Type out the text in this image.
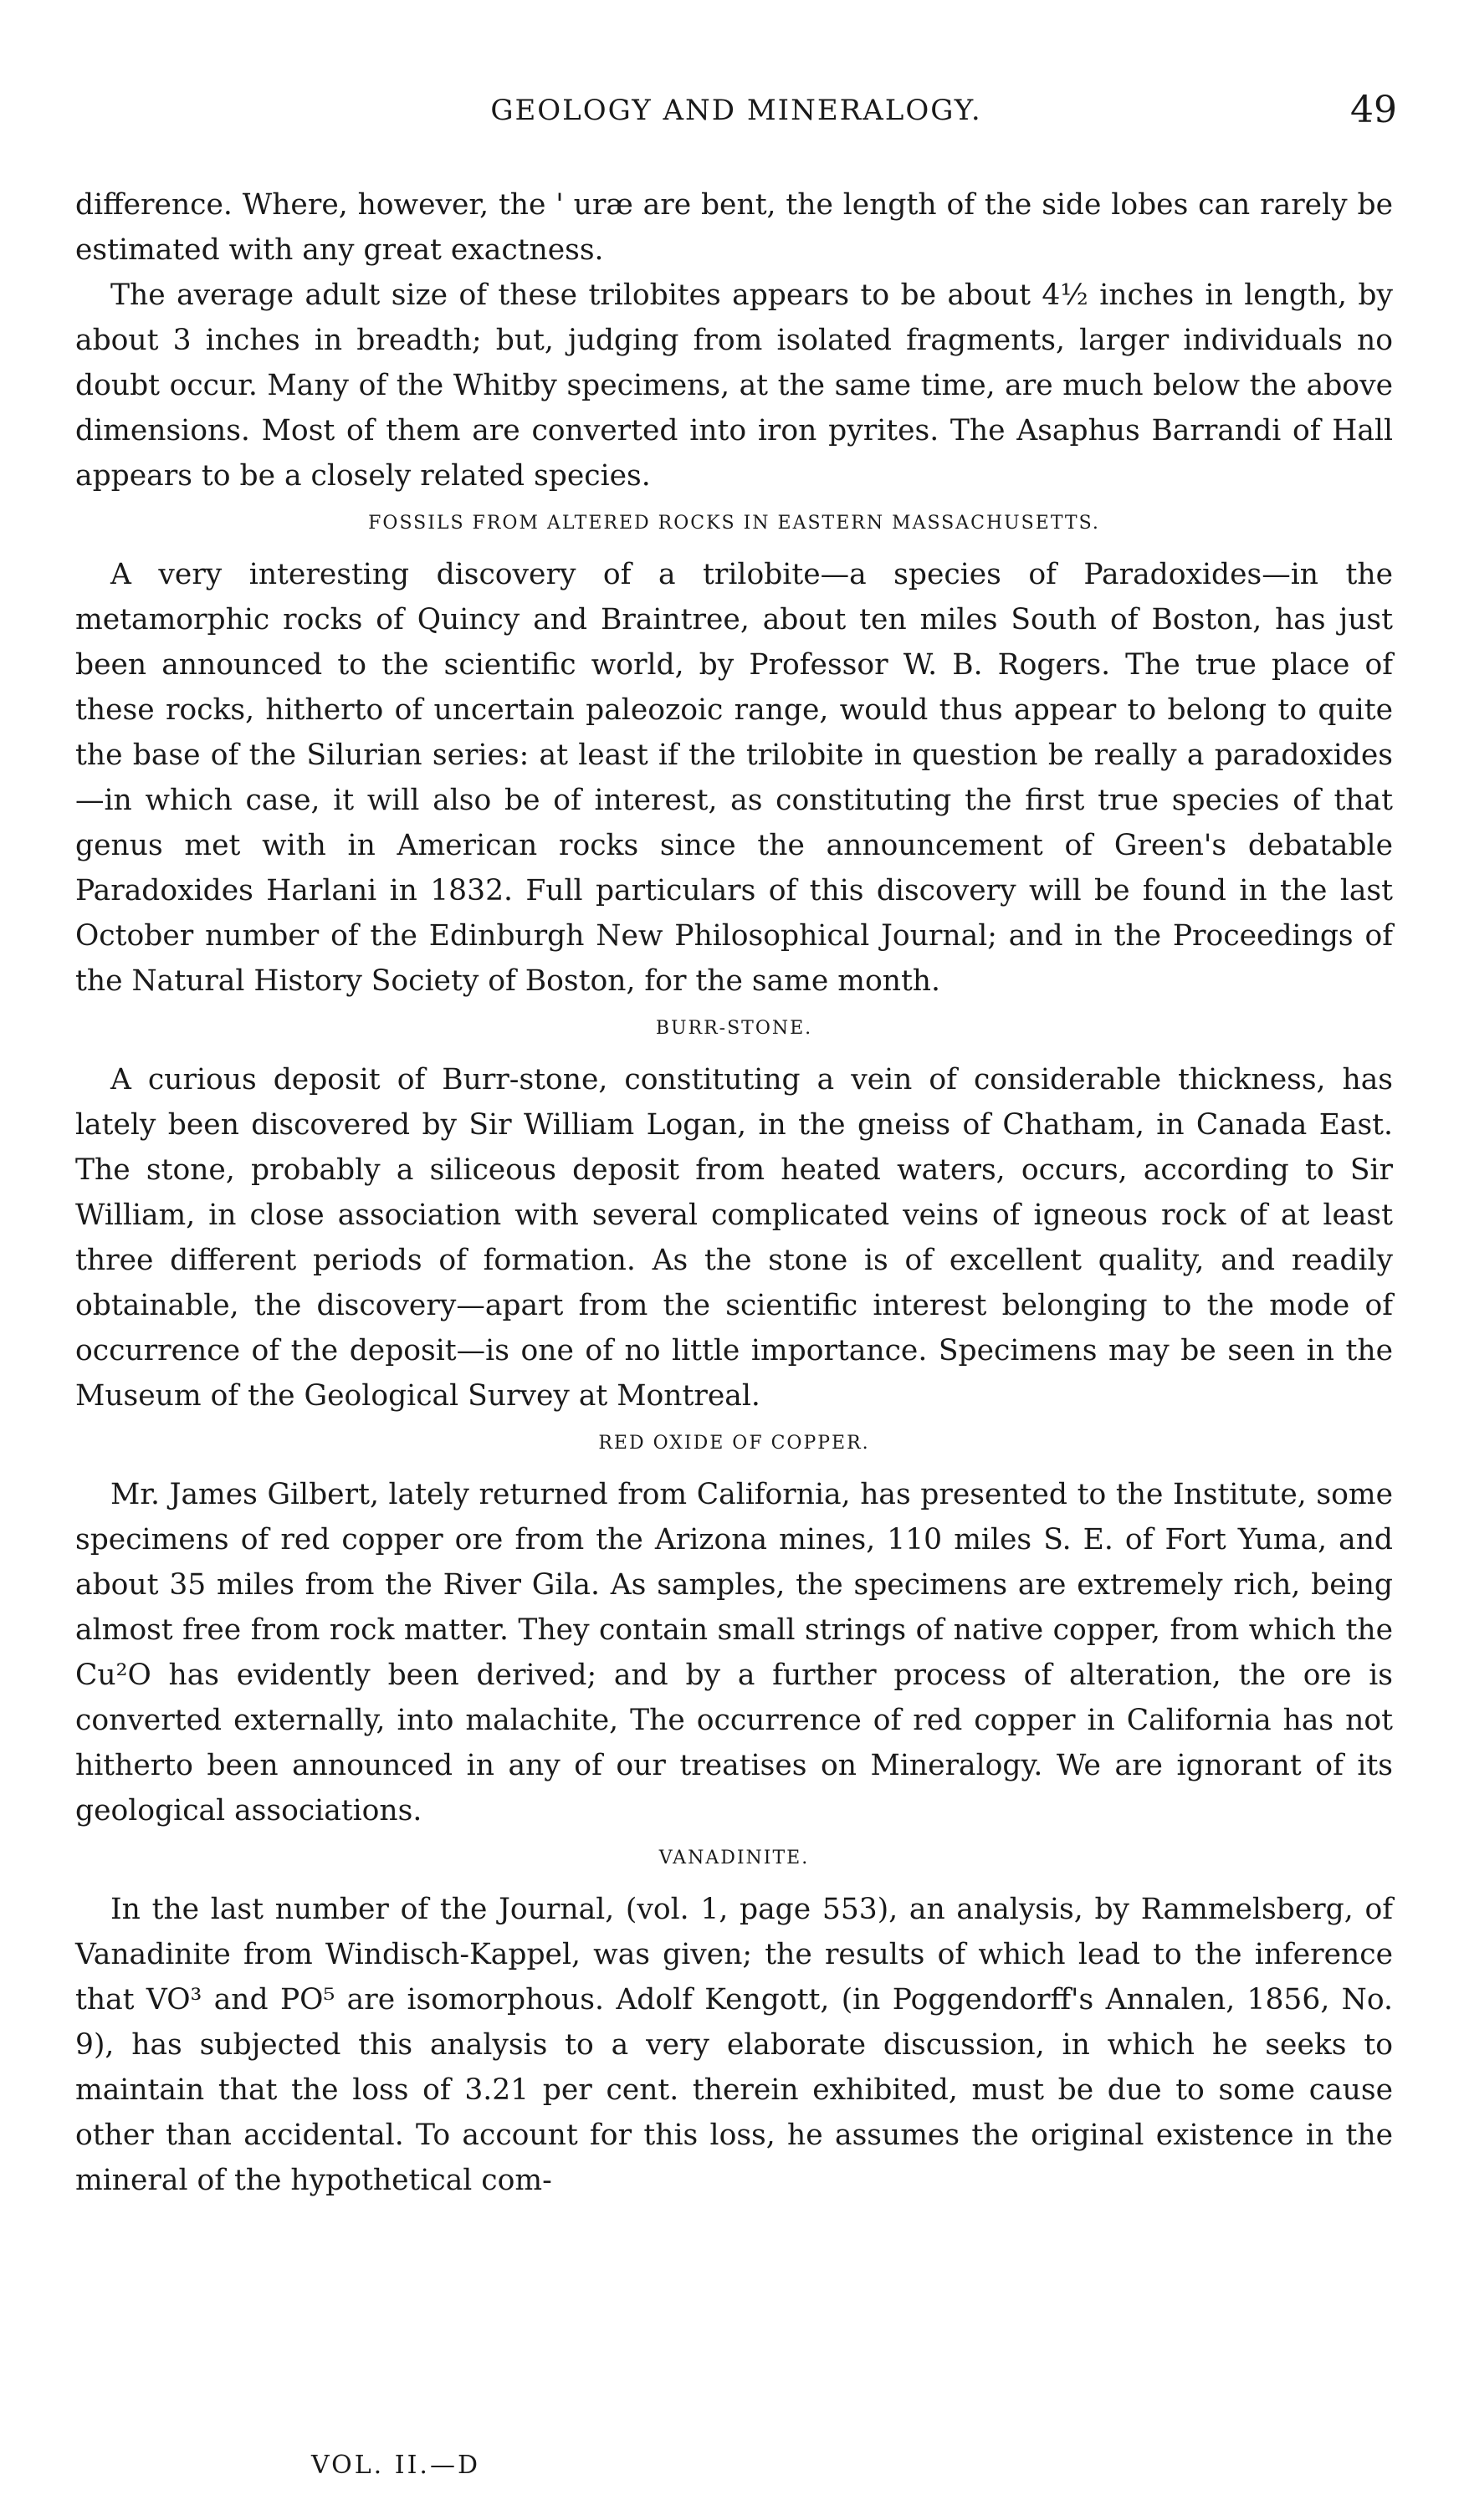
GEOLOGY AND MINERALOGY.	49

difference. Where, however, the ' uræ are bent, the length of the side lobes can rarely be estimated with any great exactness.

The average adult size of these trilobites appears to be about 4½ inches in length, by about 3 inches in breadth; but, judging from isolated fragments, larger individuals no doubt occur. Many of the Whitby specimens, at the same time, are much below the above dimensions. Most of them are converted into iron pyrites. The Asaphus Barrandi of Hall appears to be a closely related species.

FOSSILS FROM ALTERED ROCKS IN EASTERN MASSACHUSETTS.

A very interesting discovery of a trilobite—a species of Paradoxides—in the metamorphic rocks of Quincy and Braintree, about ten miles South of Boston, has just been announced to the scientific world, by Professor W. B. Rogers. The true place of these rocks, hitherto of uncertain paleozoic range, would thus appear to belong to quite the base of the Silurian series: at least if the trilobite in question be really a paradoxides—in which case, it will also be of interest, as constituting the first true species of that genus met with in American rocks since the announcement of Green's debatable Paradoxides Harlani in 1832. Full particulars of this discovery will be found in the last October number of the Edinburgh New Philosophical Journal; and in the Proceedings of the Natural History Society of Boston, for the same month.

BURR-STONE.

A curious deposit of Burr-stone, constituting a vein of considerable thickness, has lately been discovered by Sir William Logan, in the gneiss of Chatham, in Canada East. The stone, probably a siliceous deposit from heated waters, occurs, according to Sir William, in close association with several complicated veins of igneous rock of at least three different periods of formation. As the stone is of excellent quality, and readily obtainable, the discovery—apart from the scientific interest belonging to the mode of occurrence of the deposit—is one of no little importance. Specimens may be seen in the Museum of the Geological Survey at Montreal.

RED OXIDE OF COPPER.

Mr. James Gilbert, lately returned from California, has presented to the Institute, some specimens of red copper ore from the Arizona mines, 110 miles S. E. of Fort Yuma, and about 35 miles from the River Gila. As samples, the specimens are extremely rich, being almost free from rock matter. They contain small strings of native copper, from which the Cu²O has evidently been derived; and by a further process of alteration, the ore is converted externally, into malachite, The occurrence of red copper in California has not hitherto been announced in any of our treatises on Mineralogy. We are ignorant of its geological associations.

VANADINITE.

In the last number of the Journal, (vol. 1, page 553), an analysis, by Rammelsberg, of Vanadinite from Windisch-Kappel, was given; the results of which lead to the inference that VO³ and PO⁵ are isomorphous. Adolf Kengott, (in Poggendorff's Annalen, 1856, No. 9), has subjected this analysis to a very elaborate discussion, in which he seeks to maintain that the loss of 3.21 per cent. therein exhibited, must be due to some cause other than accidental. To account for this loss, he assumes the original existence in the mineral of the hypothetical com-

VOL. II.—D
